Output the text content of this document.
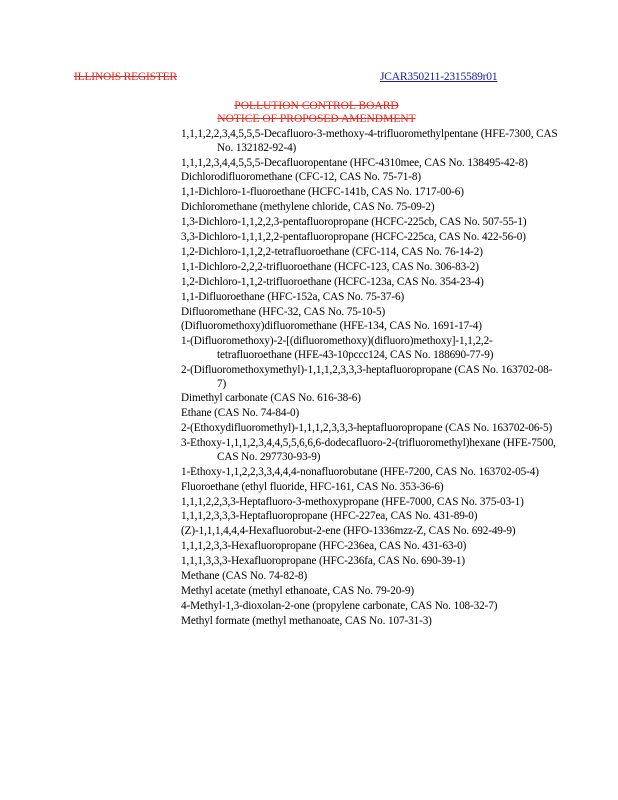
ILLINOIS REGISTER	JCAR350211-2315589r01
POLLUTION CONTROL BOARD
NOTICE OF PROPOSED AMENDMENT
1,1,1,2,2,3,4,5,5,5-Decafluoro-3-methoxy-4-trifluoromethylpentane (HFE-7300, CAS No. 132182-92-4)
1,1,1,2,3,4,4,5,5,5-Decafluoropentane (HFC-4310mee, CAS No. 138495-42-8)
Dichlorodifluoromethane (CFC-12, CAS No. 75-71-8)
1,1-Dichloro-1-fluoroethane (HCFC-141b, CAS No. 1717-00-6)
Dichloromethane (methylene chloride, CAS No. 75-09-2)
1,3-Dichloro-1,1,2,2,3-pentafluoropropane (HCFC-225cb, CAS No. 507-55-1)
3,3-Dichloro-1,1,1,2,2-pentafluoropropane (HCFC-225ca, CAS No. 422-56-0)
1,2-Dichloro-1,1,2,2-tetrafluoroethane (CFC-114, CAS No. 76-14-2)
1,1-Dichloro-2,2,2-trifluoroethane (HCFC-123, CAS No. 306-83-2)
1,2-Dichloro-1,1,2-trifluoroethane (HCFC-123a, CAS No. 354-23-4)
1,1-Difluoroethane (HFC-152a, CAS No. 75-37-6)
Difluoromethane (HFC-32, CAS No. 75-10-5)
(Difluoromethoxy)difluoromethane (HFE-134, CAS No. 1691-17-4)
1-(Difluoromethoxy)-2-[(difluoromethoxy)(difluoro)methoxy]-1,1,2,2-tetrafluoroethane (HFE-43-10pccc124, CAS No. 188690-77-9)
2-(Difluoromethoxymethyl)-1,1,1,2,3,3,3-heptafluoropropane (CAS No. 163702-08-7)
Dimethyl carbonate (CAS No. 616-38-6)
Ethane (CAS No. 74-84-0)
2-(Ethoxydifluoromethyl)-1,1,1,2,3,3,3-heptafluoropropane (CAS No. 163702-06-5)
3-Ethoxy-1,1,1,2,3,4,4,5,5,6,6,6-dodecafluoro-2-(trifluoromethyl)hexane (HFE-7500, CAS No. 297730-93-9)
1-Ethoxy-1,1,2,2,3,3,4,4,4-nonafluorobutane (HFE-7200, CAS No. 163702-05-4)
Fluoroethane (ethyl fluoride, HFC-161, CAS No. 353-36-6)
1,1,1,2,2,3,3-Heptafluoro-3-methoxypropane (HFE-7000, CAS No. 375-03-1)
1,1,1,2,3,3,3-Heptafluoropropane (HFC-227ea, CAS No. 431-89-0)
(Z)-1,1,1,4,4,4-Hexafluorobut-2-ene (HFO-1336mzz-Z, CAS No. 692-49-9)
1,1,1,2,3,3-Hexafluoropropane (HFC-236ea, CAS No. 431-63-0)
1,1,1,3,3,3-Hexafluoropropane (HFC-236fa, CAS No. 690-39-1)
Methane (CAS No. 74-82-8)
Methyl acetate (methyl ethanoate, CAS No. 79-20-9)
4-Methyl-1,3-dioxolan-2-one (propylene carbonate, CAS No. 108-32-7)
Methyl formate (methyl methanoate, CAS No. 107-31-3)
